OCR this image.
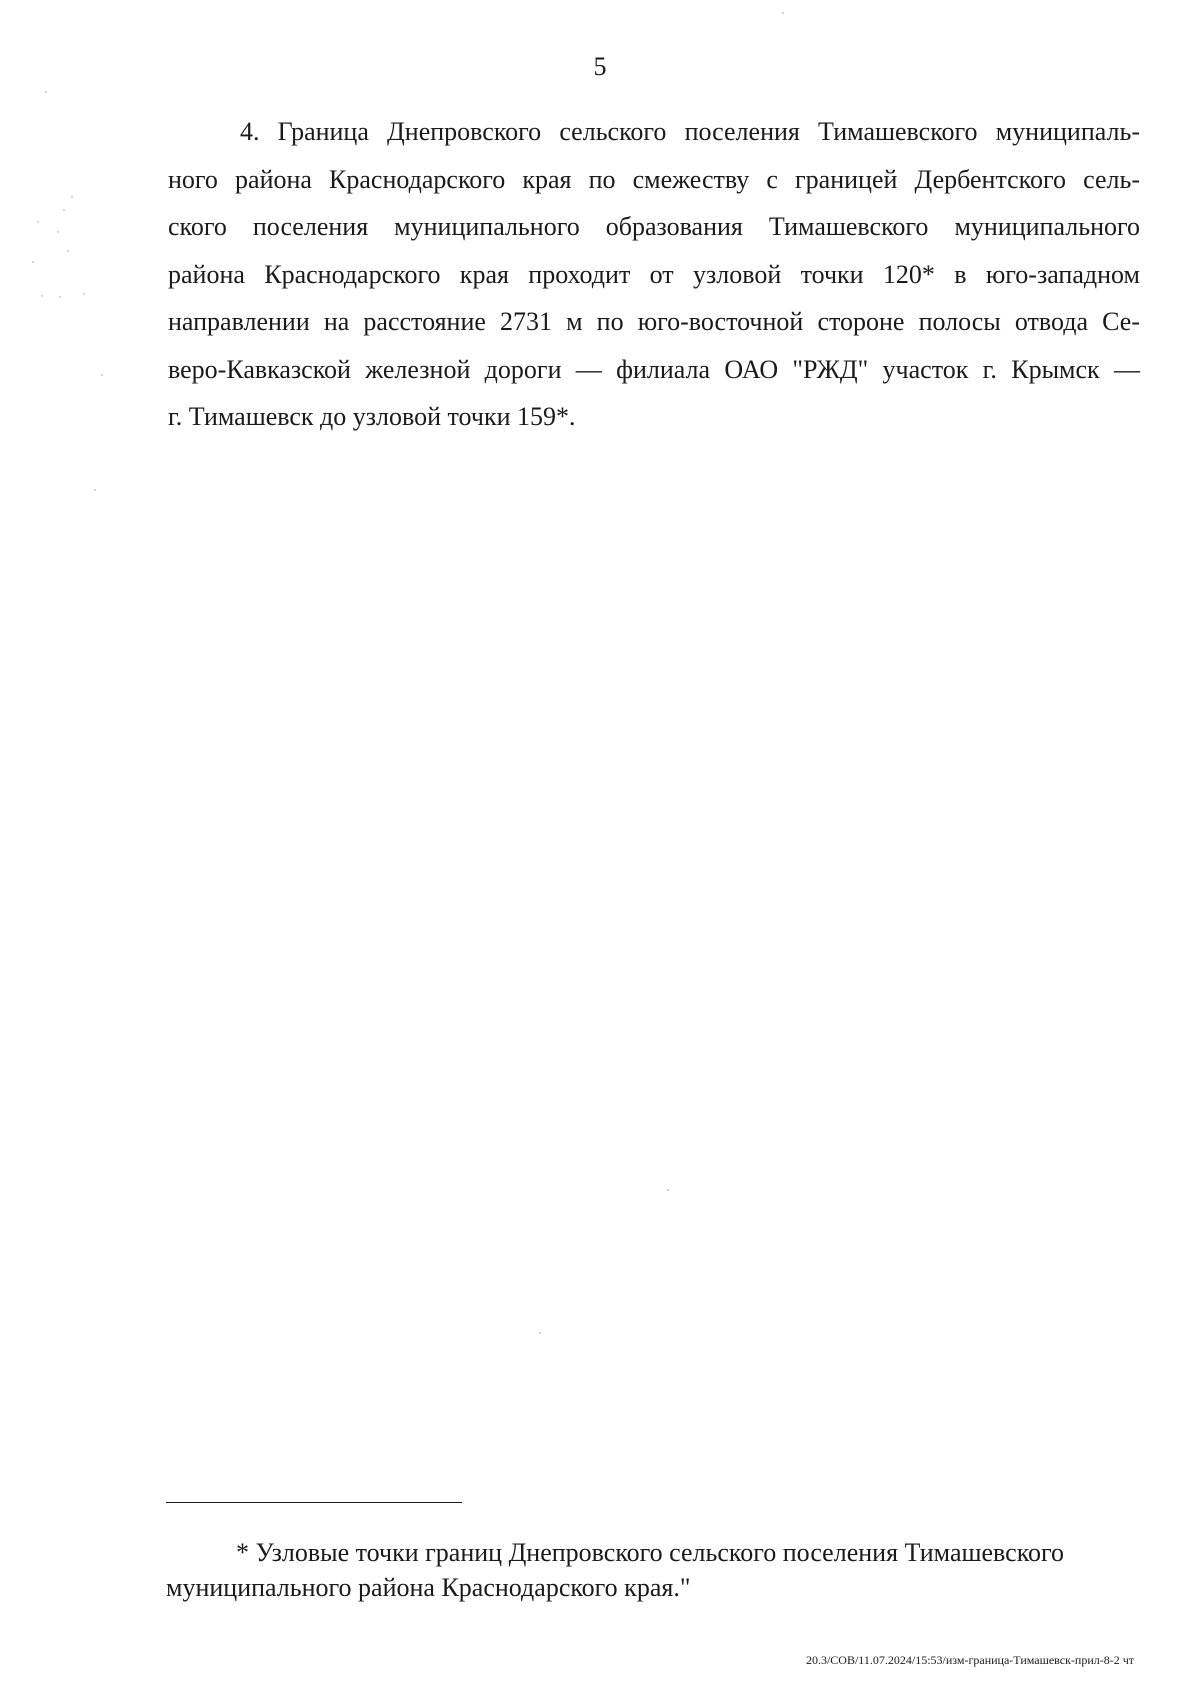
5
4. Граница Днепровского сельского поселения Тимашевского муниципаль-
ного района Краснодарского края по смежеству с границей Дербентского сель-
ского поселения муниципального образования Тимашевского муниципального
района Краснодарского края проходит от узловой точки 120* в юго-западном
направлении на расстояние 2731 м по юго-восточной стороне полосы отвода Се-
веро-Кавказской железной дороги — филиала ОАО "РЖД" участок г. Крымск —
г. Тимашевск до узловой точки 159*.
* Узловые точки границ Днепровского сельского поселения Тимашевского
муниципального района Краснодарского края."
20.3/СОВ/11.07.2024/15:53/изм-граница-Тимашевск-прил-8-2 чт
